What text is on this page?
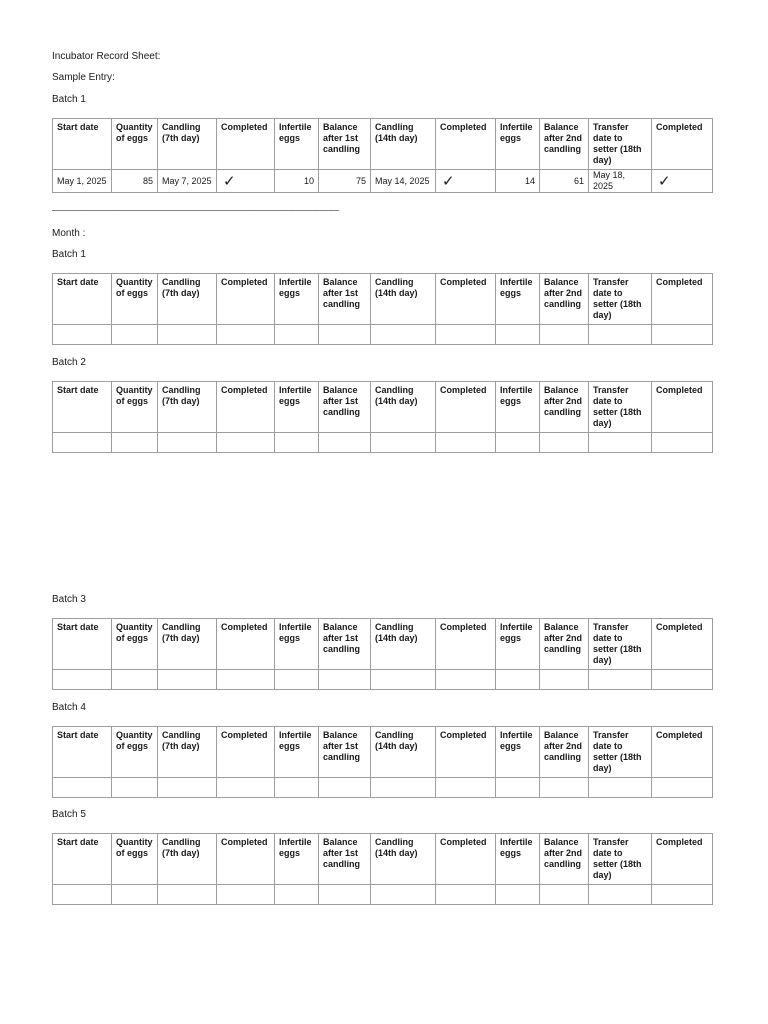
Incubator Record Sheet:
Sample Entry:
Batch 1
Start date	Quantity of eggs	Candling (7th day)	Completed	Infertile eggs	Balance after 1st candling	Candling (14th day)	Completed	Infertile eggs	Balance after 2nd candling	Transfer date to setter (18th day)	Completed
May 1, 2025	85	May 7, 2025	✓	10	75	May 14, 2025	✓	14	61	May 18, 2025	✓
–––––––––––––––––––––––––––––––––––––––––––––––––––––
Month :
Batch 1
Start date	Quantity of eggs	Candling (7th day)	Completed	Infertile eggs	Balance after 1st candling	Candling (14th day)	Completed	Infertile eggs	Balance after 2nd candling	Transfer date to setter (18th day)	Completed

Batch 2
Start date	Quantity of eggs	Candling (7th day)	Completed	Infertile eggs	Balance after 1st candling	Candling (14th day)	Completed	Infertile eggs	Balance after 2nd candling	Transfer date to setter (18th day)	Completed

Batch 3
Start date	Quantity of eggs	Candling (7th day)	Completed	Infertile eggs	Balance after 1st candling	Candling (14th day)	Completed	Infertile eggs	Balance after 2nd candling	Transfer date to setter (18th day)	Completed

Batch 4
Start date	Quantity of eggs	Candling (7th day)	Completed	Infertile eggs	Balance after 1st candling	Candling (14th day)	Completed	Infertile eggs	Balance after 2nd candling	Transfer date to setter (18th day)	Completed

Batch 5
Start date	Quantity of eggs	Candling (7th day)	Completed	Infertile eggs	Balance after 1st candling	Candling (14th day)	Completed	Infertile eggs	Balance after 2nd candling	Transfer date to setter (18th day)	Completed
